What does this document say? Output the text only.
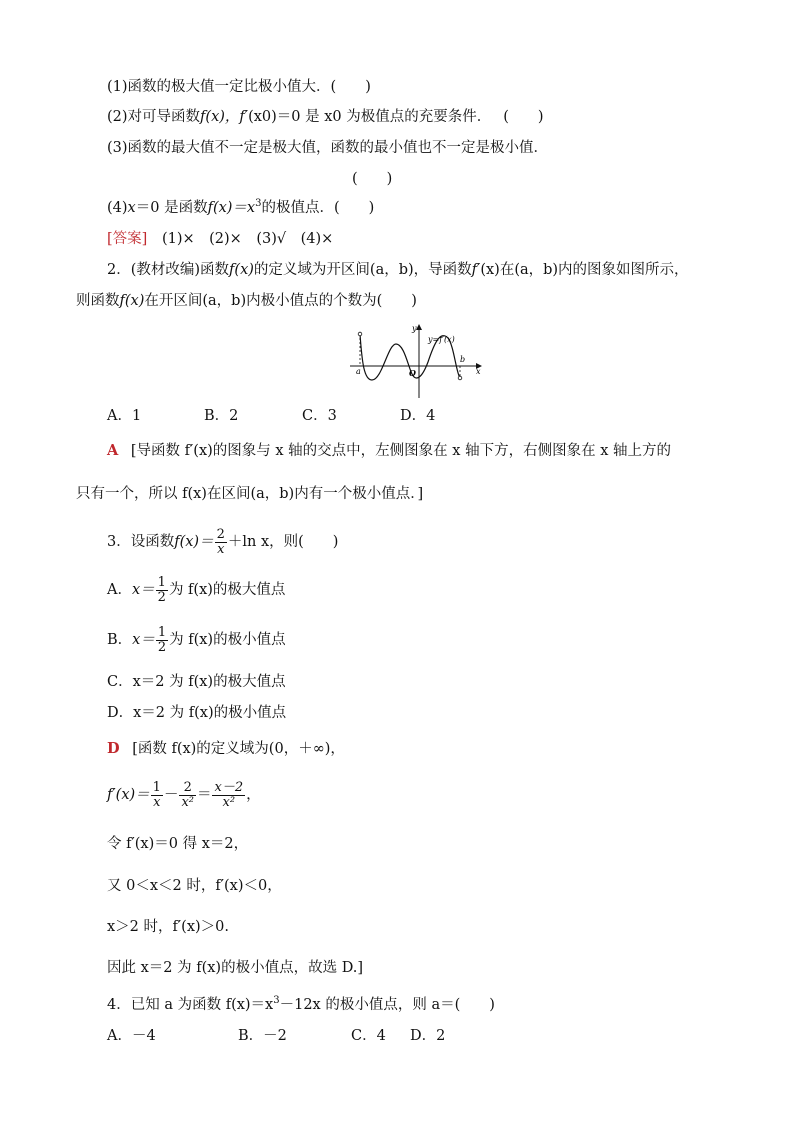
(1)函数的极大值一定比极小值大．(　　)
(2)对可导函数f(x)，f′(x0)＝0 是 x0 为极值点的充要条件． (　　)
(3)函数的最大值不一定是极大值，函数的最小值也不一定是极小值．
(　　)
(4)x＝0 是函数$f(x)=x^3$的极值点．(　　)
[答案] (1)×　(2)×　(3)√　(4)×
2．(教材改编)函数f(x)的定义域为开区间(a，b)，导函数f′(x)在(a，b)内的图象如图所示，
则函数f(x)在开区间(a，b)内极小值点的个数为(　　)
y
y=f′(x)
x
a
b
O
A．1	B．2	C．3	D．4
A [导函数 f′(x)的图象与 x 轴的交点中，左侧图象在 x 轴下方，右侧图象在 x 轴上方的
只有一个，所以 f(x)在区间(a，b)内有一个极小值点．]
3．设函数$f(x)= \frac{2}{x} +\ln$ x，则(　　)
A．$x= \frac{1}{2}$ 为 f(x)的极大值点
B．$x= \frac{1}{2}$ 为 f(x)的极小值点
C．x＝2 为 f(x)的极大值点
D．x＝2 为 f(x)的极小值点
D [函数 f(x)的定义域为(0，＋∞)，
$f'(x)= \frac{1}{x} - \frac{2}{\text{x²}} = \frac{x-2}{\text{x²}}$ ，
令 f′(x)＝0 得 x＝2，
又 0＜x＜2 时，f′(x)＜0，
x＞2 时，f′(x)＞0.
因此 x＝2 为 f(x)的极小值点，故选 D.]
4．已知 a 为函数 $f(x)=x^3-12x$ 的极小值点，则 a＝(　　)
A．－4	B．－2	C．4 D．2
